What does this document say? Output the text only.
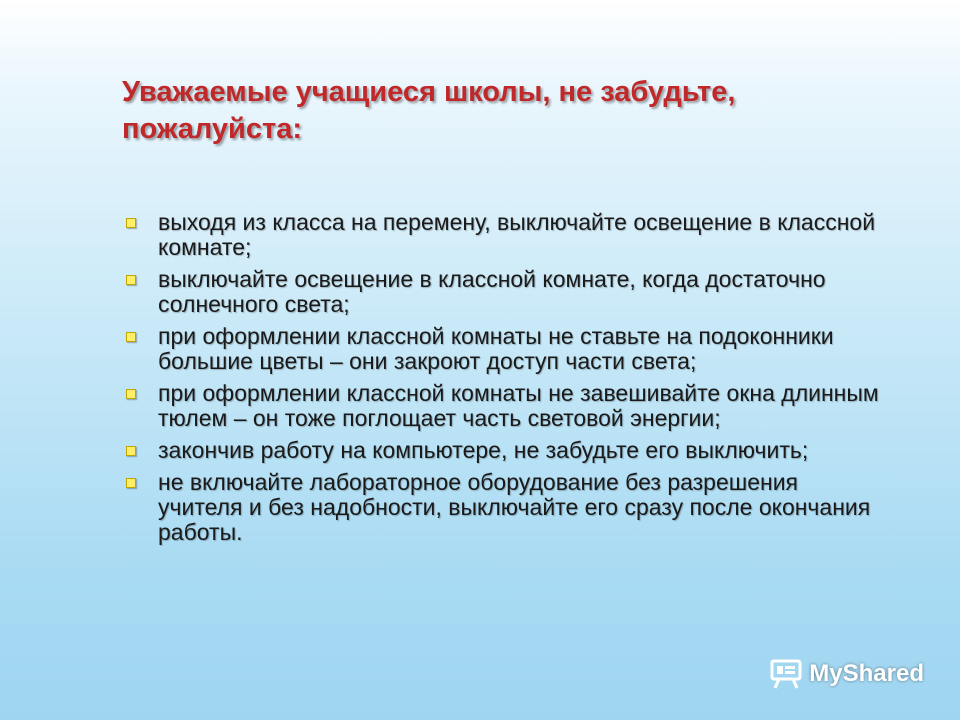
Уважаемые учащиеся школы, не забудьте, пожалуйста:
выходя из класса на перемену, выключайте освещение в классной комнате;
выключайте освещение в классной комнате, когда достаточно солнечного света;
при оформлении классной комнаты не ставьте на подоконники большие цветы – они закроют доступ части света;
при оформлении классной комнаты не завешивайте окна длинным тюлем – он тоже поглощает часть световой энергии;
закончив работу на компьютере, не забудьте его выключить;
не включайте лабораторное оборудование без разрешения учителя и без надобности, выключайте его сразу после окончания работы.
MyShared
